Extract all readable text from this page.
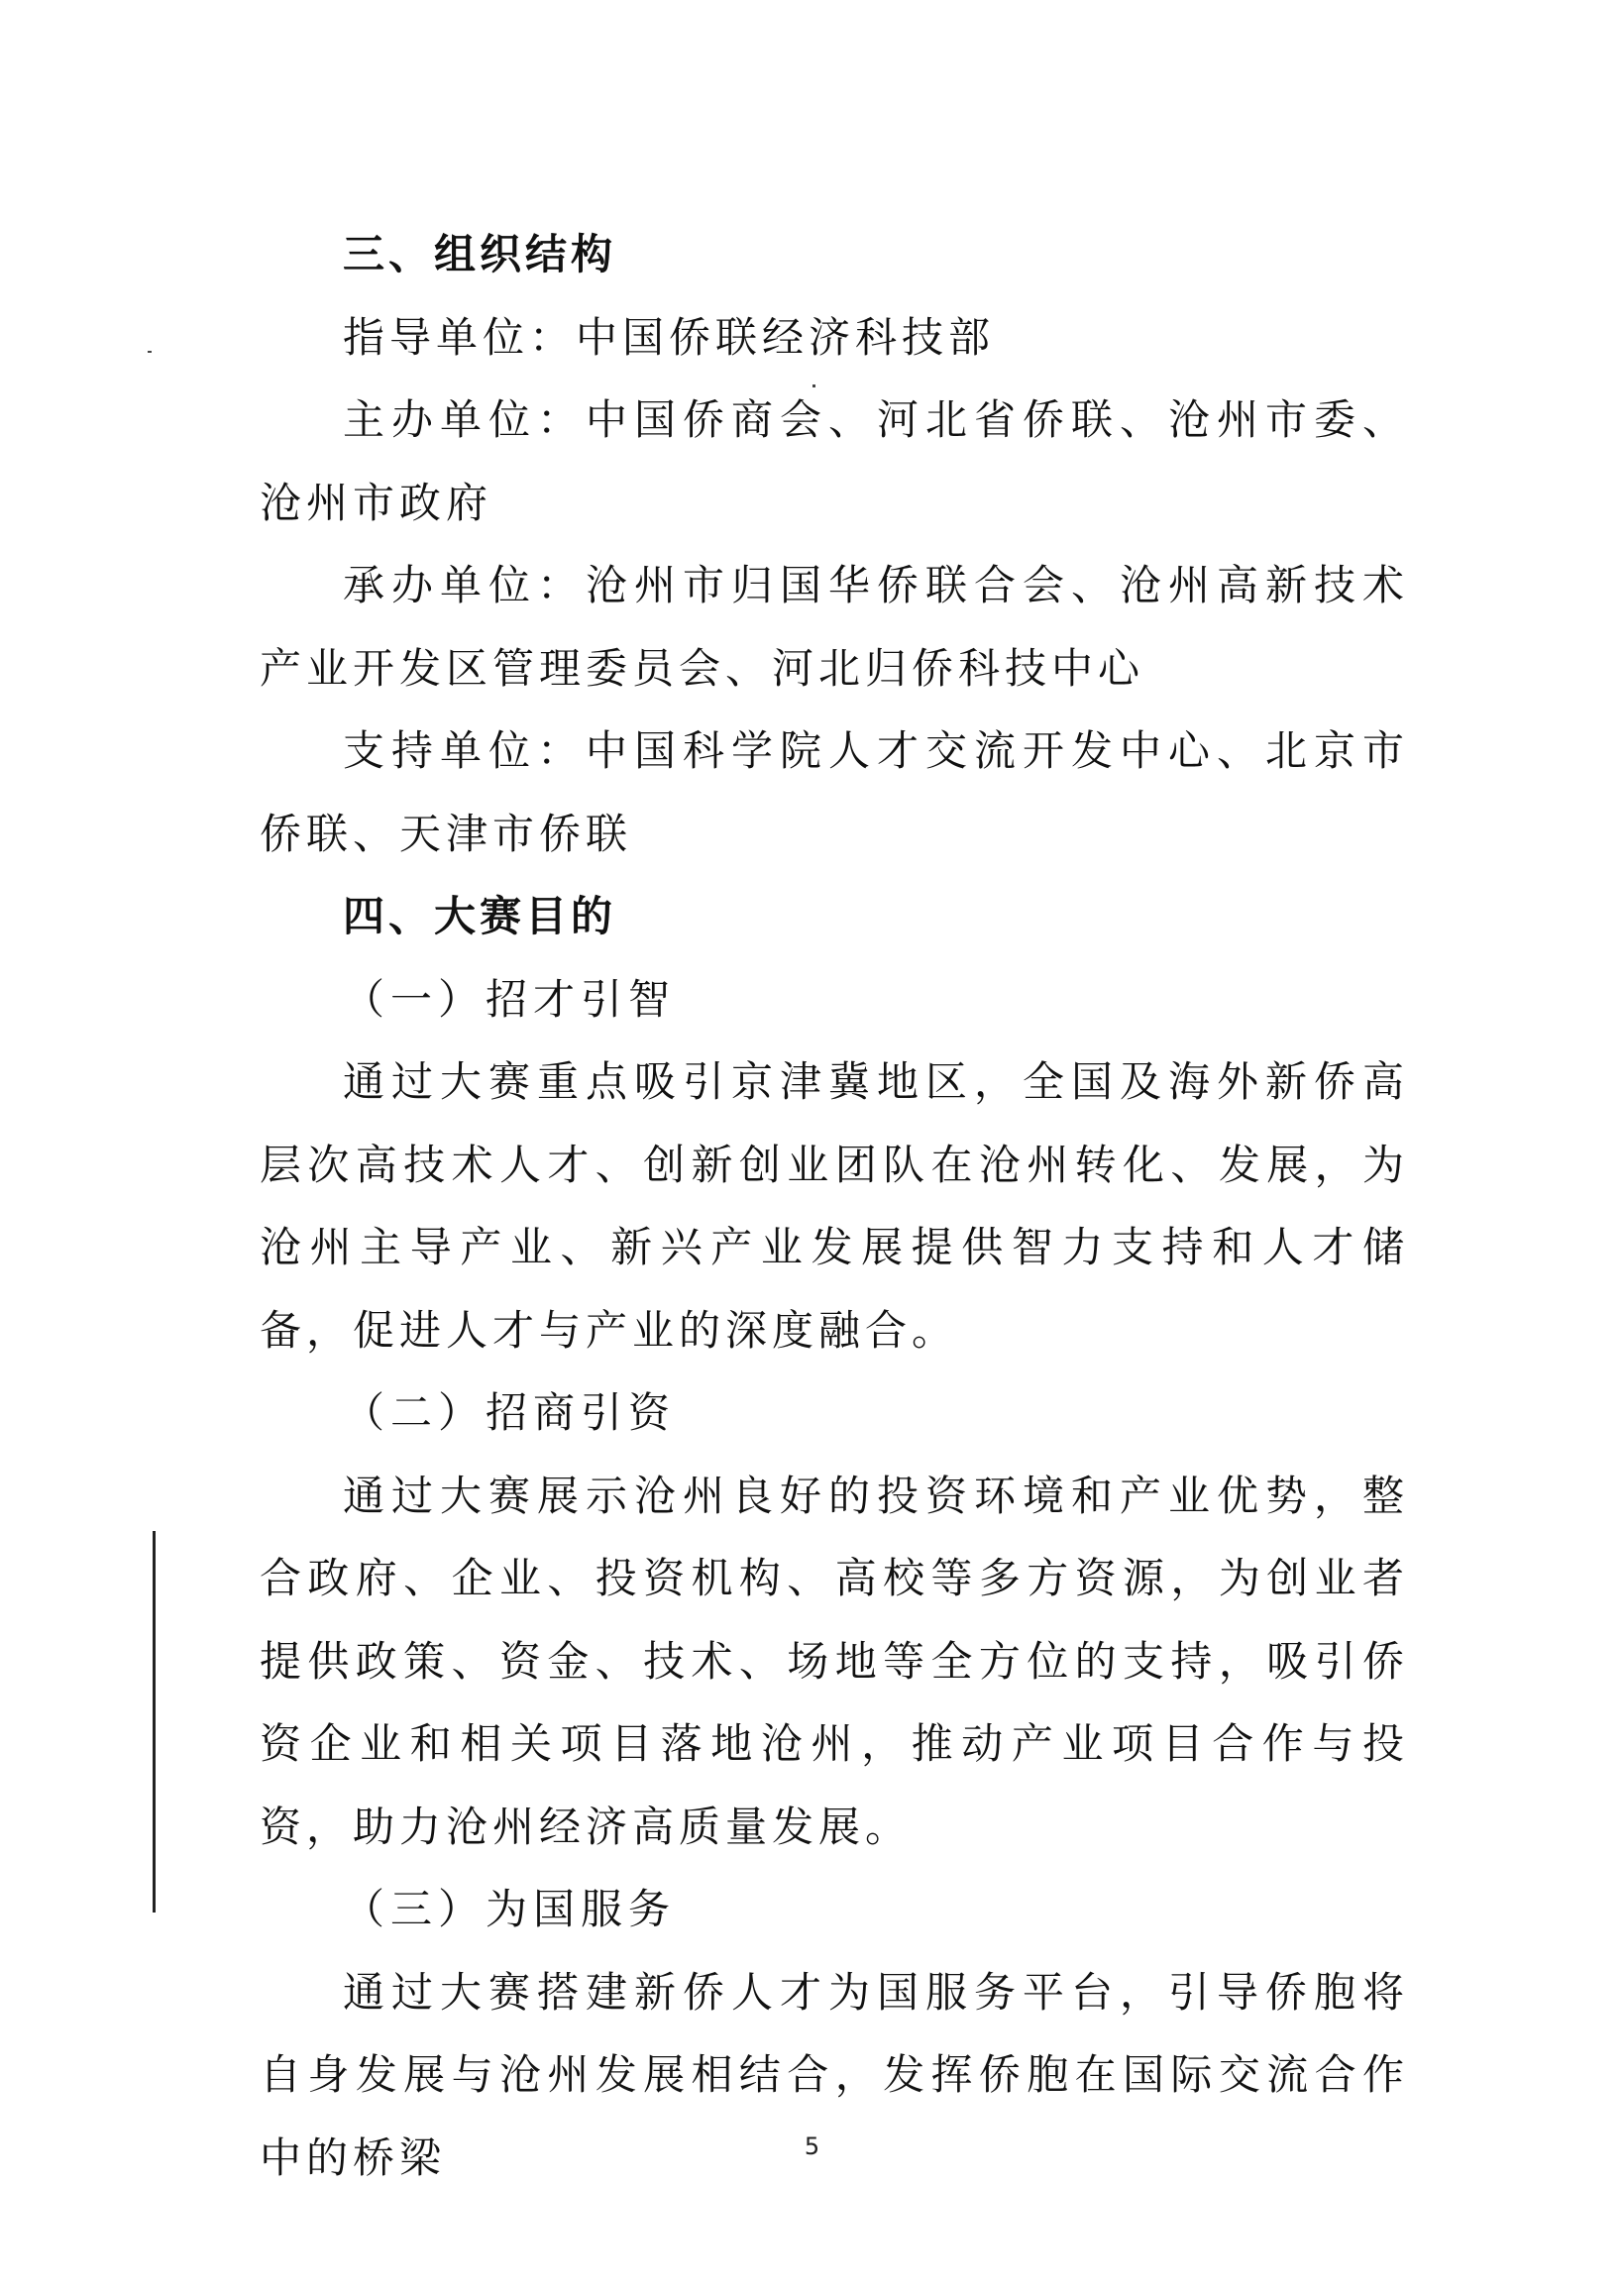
三、组织结构

指导单位：中国侨联经济科技部

主办单位：中国侨商会、河北省侨联、沧州市委、沧州市政府

承办单位：沧州市归国华侨联合会、沧州高新技术产业开发区管理委员会、河北归侨科技中心

支持单位：中国科学院人才交流开发中心、北京市侨联、天津市侨联

四、大赛目的

（一）招才引智

通过大赛重点吸引京津冀地区，全国及海外新侨高层次高技术人才、创新创业团队在沧州转化、发展，为沧州主导产业、新兴产业发展提供智力支持和人才储备，促进人才与产业的深度融合。

（二）招商引资

通过大赛展示沧州良好的投资环境和产业优势，整合政府、企业、投资机构、高校等多方资源，为创业者提供政策、资金、技术、场地等全方位的支持，吸引侨资企业和相关项目落地沧州，推动产业项目合作与投资，助力沧州经济高质量发展。

（三）为国服务

通过大赛搭建新侨人才为国服务平台，引导侨胞将自身发展与沧州发展相结合，发挥侨胞在国际交流合作中的桥梁	5
